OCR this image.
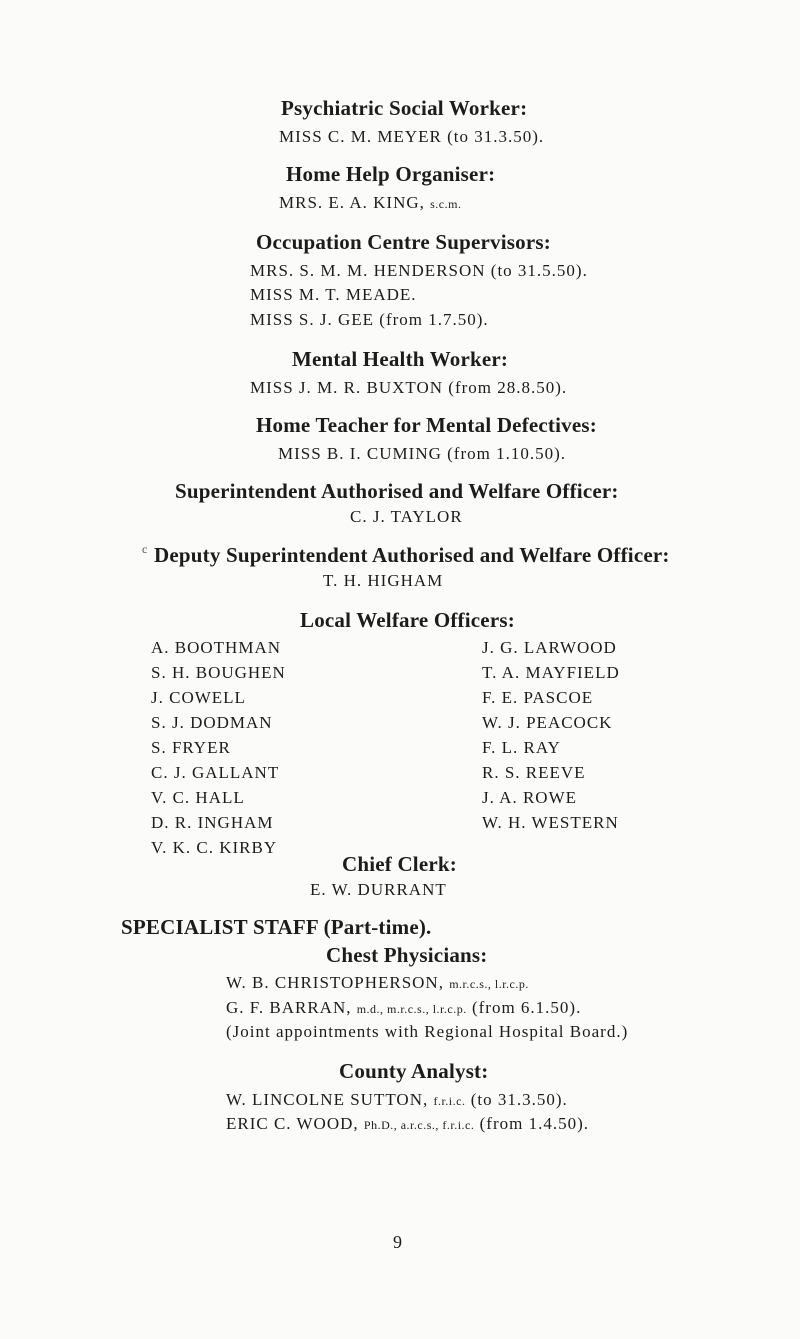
Psychiatric Social Worker:
MISS C. M. MEYER (to 31.3.50).
Home Help Organiser:
MRS. E. A. KING, s.c.m.
Occupation Centre Supervisors:
MRS. S. M. M. HENDERSON (to 31.5.50).
MISS M. T. MEADE.
MISS S. J. GEE (from 1.7.50).
Mental Health Worker:
MISS J. M. R. BUXTON (from 28.8.50).
Home Teacher for Mental Defectives:
MISS B. I. CUMING (from 1.10.50).
Superintendent Authorised and Welfare Officer:
C. J. TAYLOR
c Deputy Superintendent Authorised and Welfare Officer:
T. H. HIGHAM
Local Welfare Officers:
A. BOOTHMAN
S. H. BOUGHEN
J. COWELL
S. J. DODMAN
S. FRYER
C. J. GALLANT
V. C. HALL
D. R. INGHAM
V. K. C. KIRBY
J. G. LARWOOD
T. A. MAYFIELD
F. E. PASCOE
W. J. PEACOCK
F. L. RAY
R. S. REEVE
J. A. ROWE
W. H. WESTERN
Chief Clerk:
E. W. DURRANT
SPECIALIST STAFF (Part-time).
Chest Physicians:
W. B. CHRISTOPHERSON, m.r.c.s., l.r.c.p.
G. F. BARRAN, m.d., m.r.c.s., l.r.c.p. (from 6.1.50).
(Joint appointments with Regional Hospital Board.)
County Analyst:
W. LINCOLNE SUTTON, f.r.i.c. (to 31.3.50).
ERIC C. WOOD, Ph.D., a.r.c.s., f.r.i.c. (from 1.4.50).
9
